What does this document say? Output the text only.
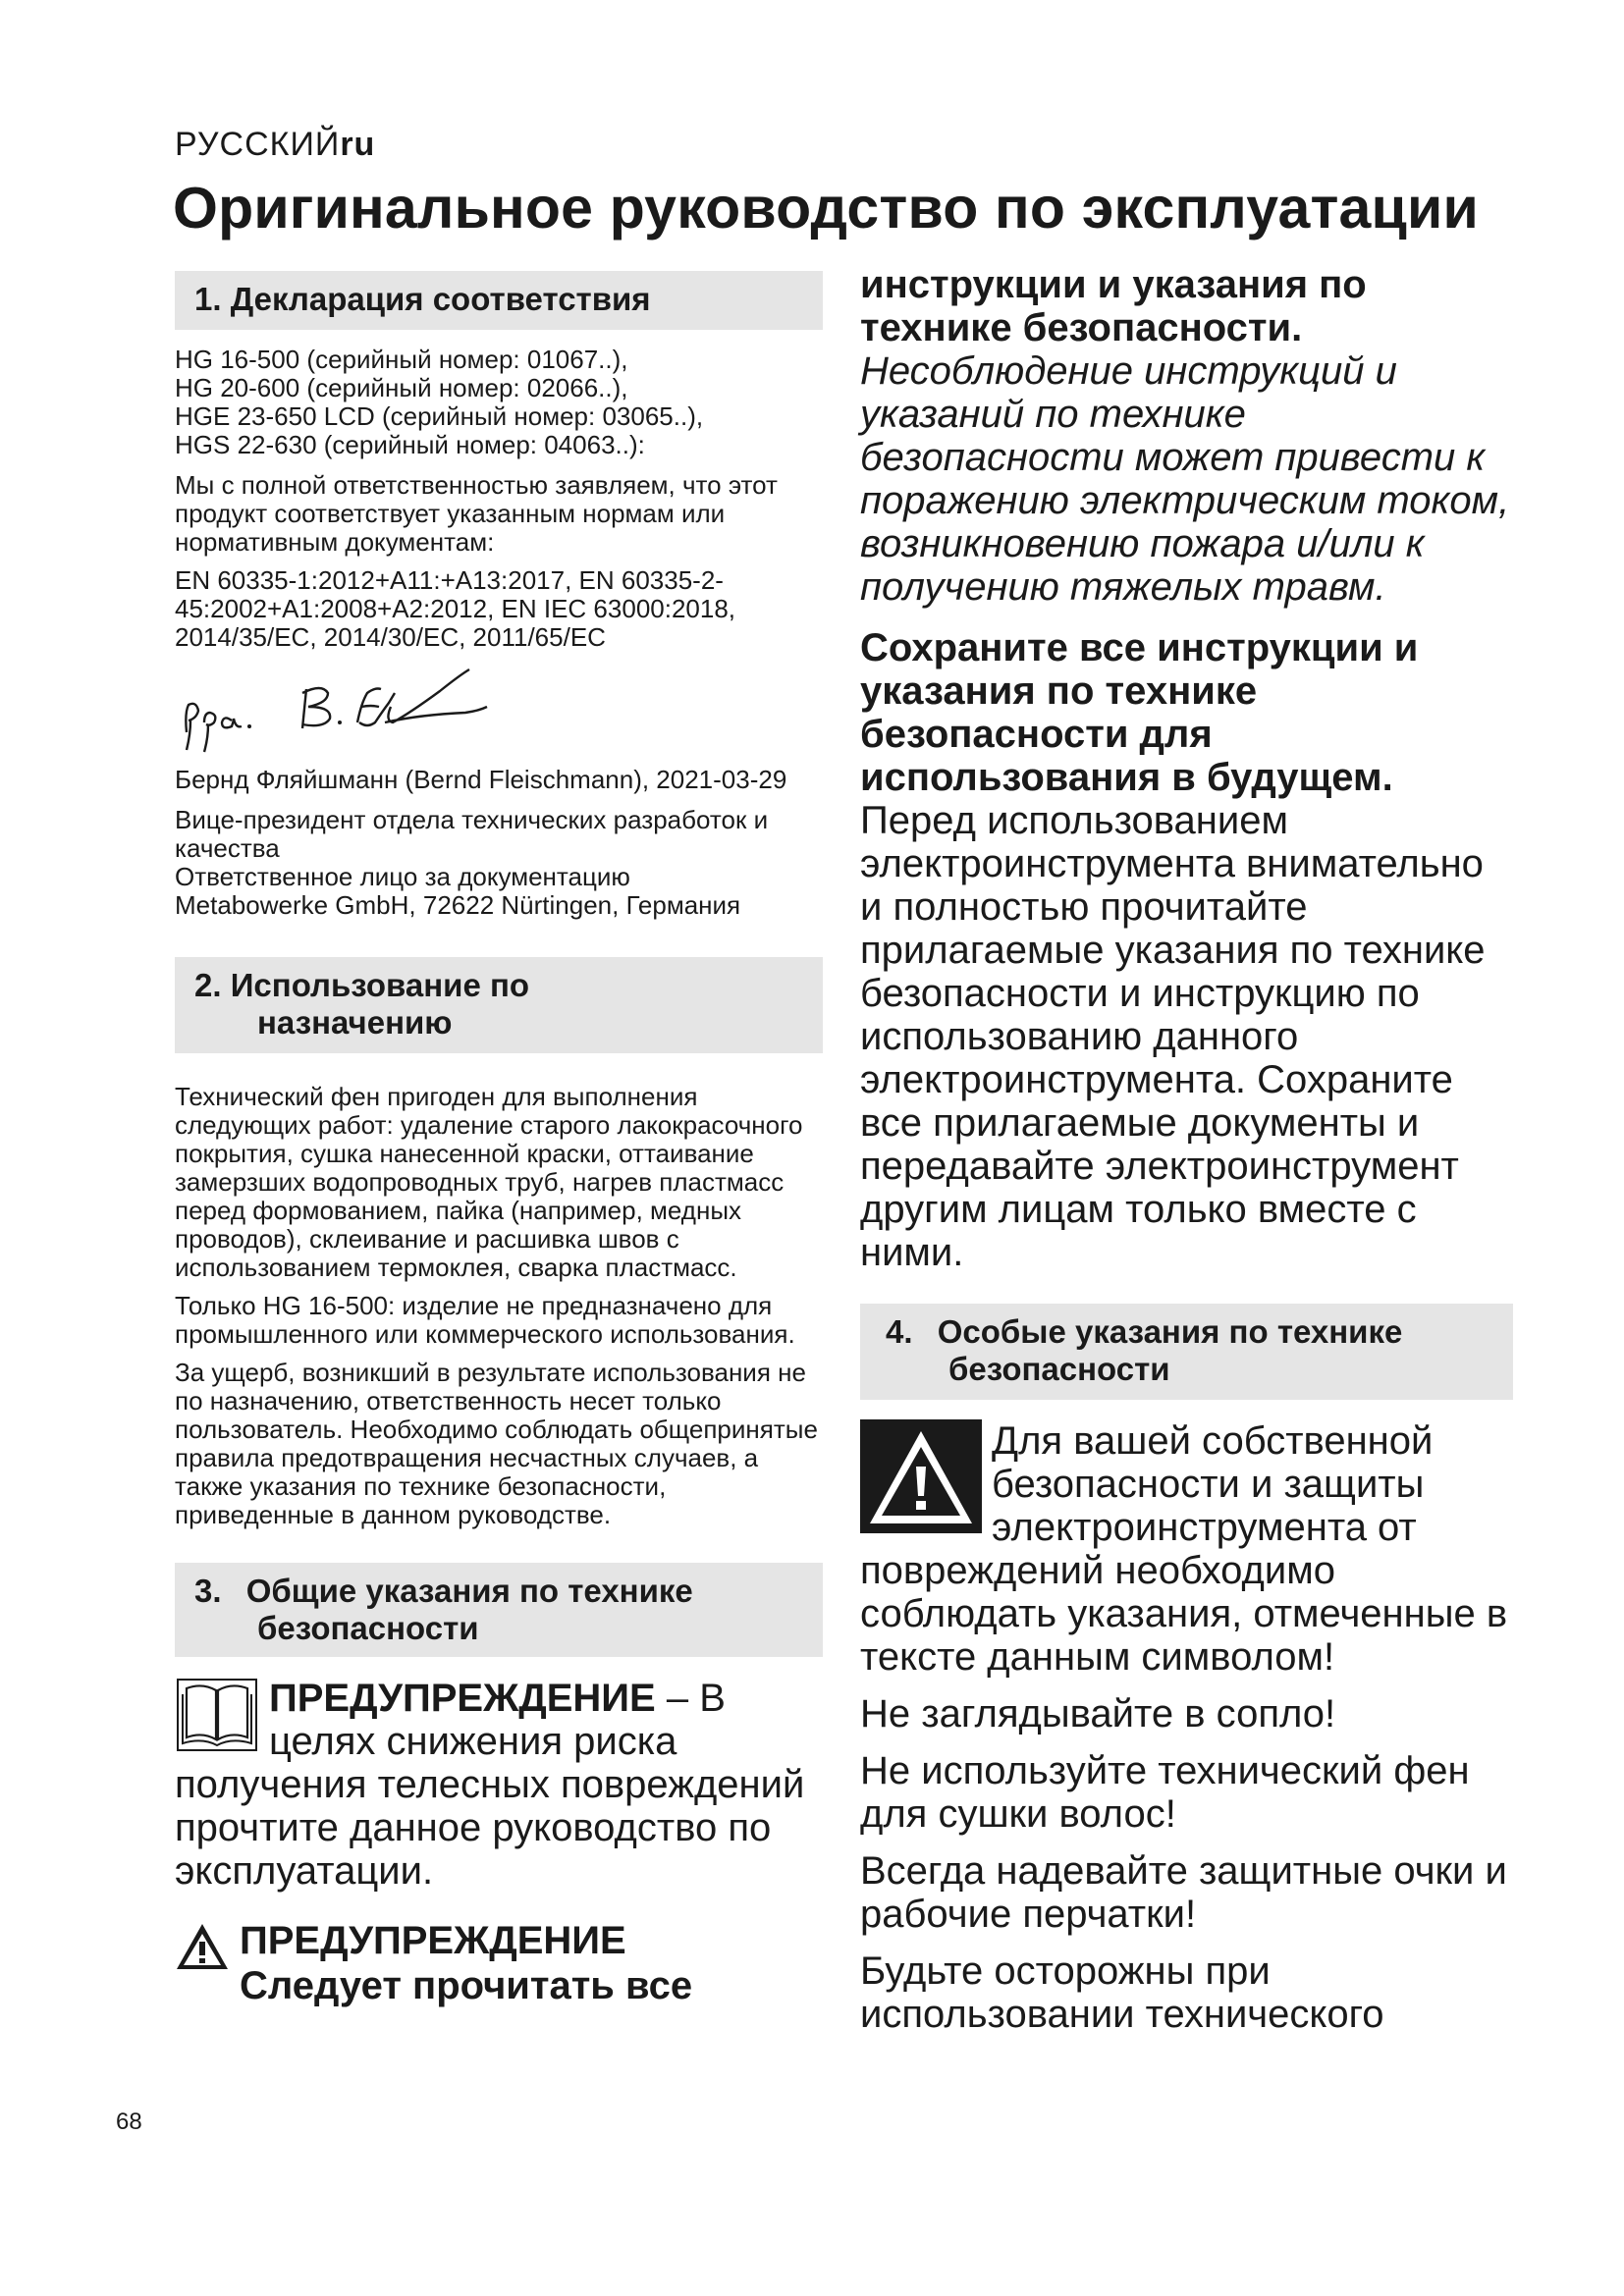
РУССКИЙru
Оригинальное руководство по эксплуатации
1. Декларация соответствия

HG 16-500 (серийный номер: 01067..),

HG 20-600 (серийный номер: 02066..),

HGE 23-650 LCD (серийный номер: 03065..),

HGS 22-630 (серийный номер: 04063..):

Мы с полной ответственностью заявляем, что этот продукт соответствует указанным нормам или нормативным документам:

EN 60335-1:2012+A11:+A13:2017, EN 60335-2-45:2002+A1:2008+A2:2012, EN IEC 63000:2018, 2014/35/EC, 2014/30/EC, 2011/65/EC

Бернд Фляйшманн (Bernd Fleischmann), 2021-03-29

Вице-президент отдела технических разработок и качества

Ответственное лицо за документацию

Metabowerke GmbH, 72622 Nürtingen, Германия

2. Использование по
назначению

Технический фен пригоден для выполнения следующих работ: удаление старого лакокрасочного покрытия, сушка нанесенной краски, оттаивание замерзших водопроводных труб, нагрев пластмасс перед формованием, пайка (например, медных проводов), склеивание и расшивка швов с использованием термоклея, сварка пластмасс.

Только HG 16-500: изделие не предназначено для промышленного или коммерческого использования.

За ущерб, возникший в результате использования не по назначению, ответственность несет только пользователь. Необходимо соблюдать общепринятые правила предотвращения несчастных случаев, а также указания по технике безопасности, приведенные в данном руководстве.

3. Общие указания по технике
безопасности

ПРЕДУПРЕЖДЕНИЕ – В целях снижения риска получения телесных повреждений прочтите данное руководство по эксплуатации.

ПРЕДУПРЕЖДЕНИЕ
Следует прочитать все

инструкции и указания по технике безопасности.

Несоблюдение инструкций и указаний по технике безопасности может привести к поражению электрическим током, возникновению пожара и/или к получению тяжелых травм.

Сохраните все инструкции и указания по технике безопасности для использования в будущем.

Перед использованием электроинструмента внимательно и полностью прочитайте прилагаемые указания по технике безопасности и инструкцию по использованию данного электроинструмента. Сохраните все прилагаемые документы и передавайте электроинструмент другим лицам только вместе с ними.

4. Особые указания по технике
безопасности

Для вашей собственной безопасности и защиты электроинструмента от повреждений необходимо соблюдать указания, отмеченные в тексте данным символом!

Не заглядывайте в сопло!

Не используйте технический фен для сушки волос!

Всегда надевайте защитные очки и рабочие перчатки!

Будьте осторожны при использовании технического

68
